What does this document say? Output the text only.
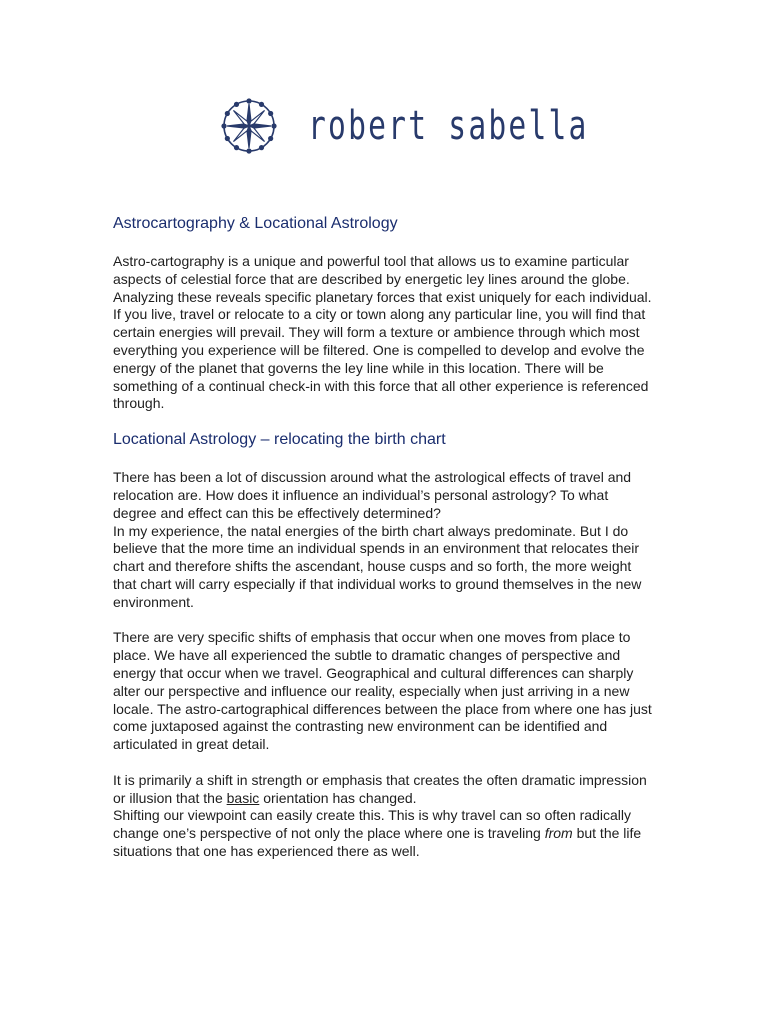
robert sabella
Astrocartography & Locational Astrology

Astro-cartography is a unique and powerful tool that allows us to examine particular aspects of celestial force that are described by energetic ley lines around the globe. Analyzing these reveals specific planetary forces that exist uniquely for each individual. If you live, travel or relocate to a city or town along any particular line, you will find that certain energies will prevail. They will form a texture or ambience through which most everything you experience will be filtered. One is compelled to develop and evolve the energy of the planet that governs the ley line while in this location. There will be something of a continual check-in with this force that all other experience is referenced through.

Locational Astrology – relocating the birth chart

There has been a lot of discussion around what the astrological effects of travel and relocation are. How does it influence an individual’s personal astrology? To what degree and effect can this be effectively determined?

In my experience, the natal energies of the birth chart always predominate. But I do believe that the more time an individual spends in an environment that relocates their chart and therefore shifts the ascendant, house cusps and so forth, the more weight that chart will carry especially if that individual works to ground themselves in the new environment.

There are very specific shifts of emphasis that occur when one moves from place to place. We have all experienced the subtle to dramatic changes of perspective and energy that occur when we travel. Geographical and cultural differences can sharply alter our perspective and influence our reality, especially when just arriving in a new locale. The astro-cartographical differences between the place from where one has just come juxtaposed against the contrasting new environment can be identified and articulated in great detail.

It is primarily a shift in strength or emphasis that creates the often dramatic impression or illusion that the basic orientation has changed.

Shifting our viewpoint can easily create this. This is why travel can so often radically change one’s perspective of not only the place where one is traveling from but the life situations that one has experienced there as well.
